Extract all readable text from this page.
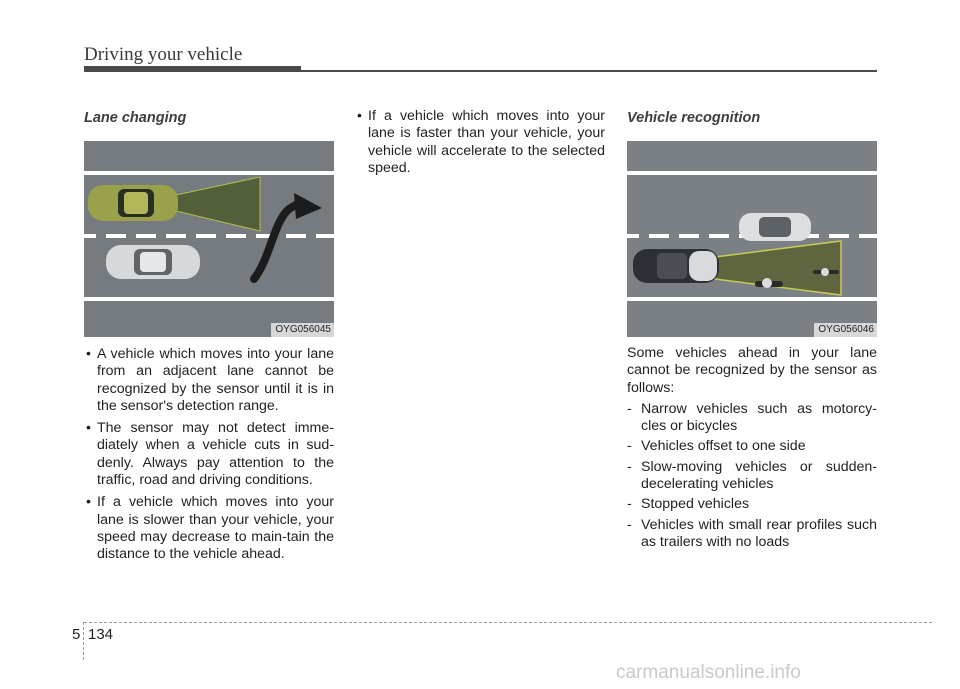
Driving your vehicle
Lane changing
OYG056045
• A vehicle which moves into your lane from an adjacent lane cannot be recognized by the sensor until it is in the sensor's detection range.
• The sensor may not detect imme-diately when a vehicle cuts in sud-denly. Always pay attention to the traffic, road and driving conditions.
• If a vehicle which moves into your lane is slower than your vehicle, your speed may decrease to main-tain the distance to the vehicle ahead.
• If a vehicle which moves into your lane is faster than your vehicle, your vehicle will accelerate to the selected speed.
Vehicle recognition
OYG056046

Some vehicles ahead in your lane cannot be recognized by the sensor as follows:

- Narrow vehicles such as motorcy-cles or bicycles
- Vehicles offset to one side
- Slow-moving vehicles or sudden-decelerating vehicles
- Stopped vehicles
- Vehicles with small rear profiles such as trailers with no loads
5 134
carmanualsonline.info
